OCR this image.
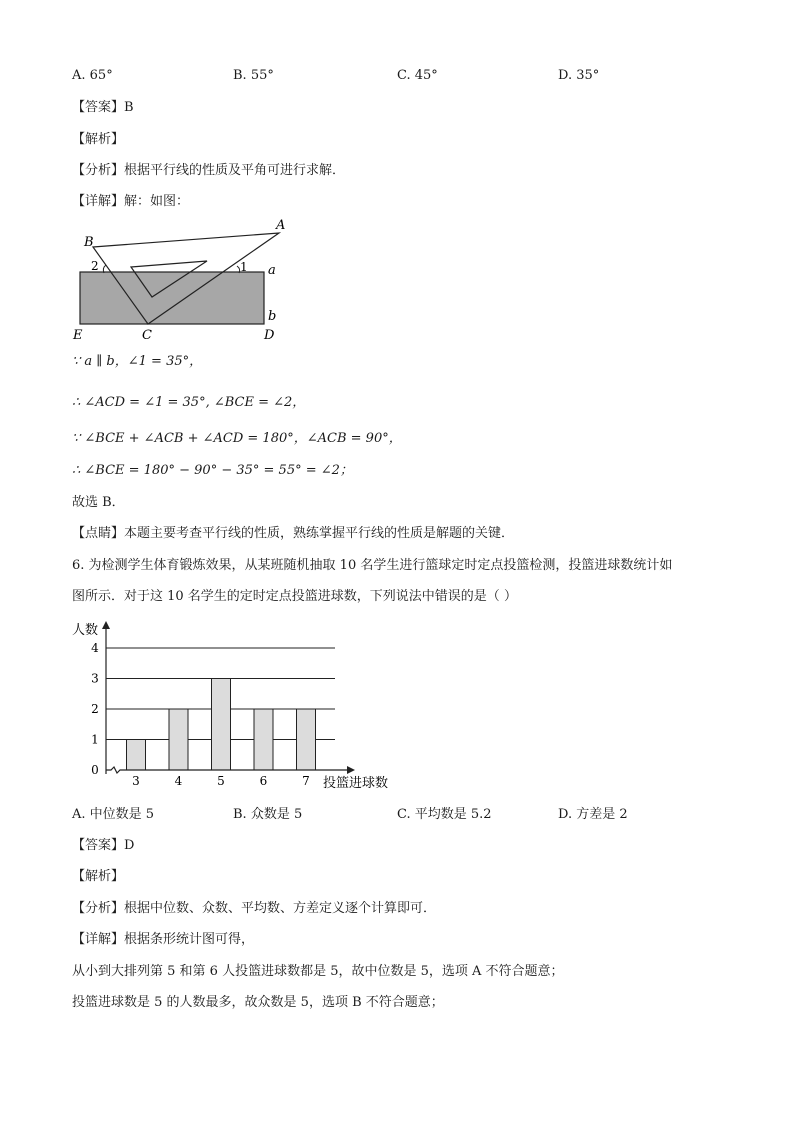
A. 65°	B. 55°	C. 45°	D. 35°
【答案】B
【解析】
【分析】根据平行线的性质及平角可进行求解．
【详解】解：如图：
B
A
C	D
E
a
b
1
2
∵ a ∥ b，∠1 = 35°，
∴ ∠ACD = ∠1 = 35°, ∠BCE = ∠2，
∵ ∠BCE + ∠ACB + ∠ACD = 180°，∠ACB = 90°，
∴ ∠BCE = 180° − 90° − 35° = 55° = ∠2；
故选 B．
【点睛】本题主要考查平行线的性质，熟练掌握平行线的性质是解题的关键．
6. 为检测学生体育锻炼效果，从某班随机抽取 10 名学生进行篮球定时定点投篮检测，投篮进球数统计如
图所示．对于这 10 名学生的定时定点投篮进球数，下列说法中错误的是（ ）
人数
投篮进球数
3	4	5	6	7
0
1
2
3
4
A. 中位数是 5	B. 众数是 5	C. 平均数是 5.2	D. 方差是 2
【答案】D
【解析】
【分析】根据中位数、众数、平均数、方差定义逐个计算即可．
【详解】根据条形统计图可得，
从小到大排列第 5 和第 6 人投篮进球数都是 5，故中位数是 5，选项 A 不符合题意；
投篮进球数是 5 的人数最多，故众数是 5，选项 B 不符合题意；
